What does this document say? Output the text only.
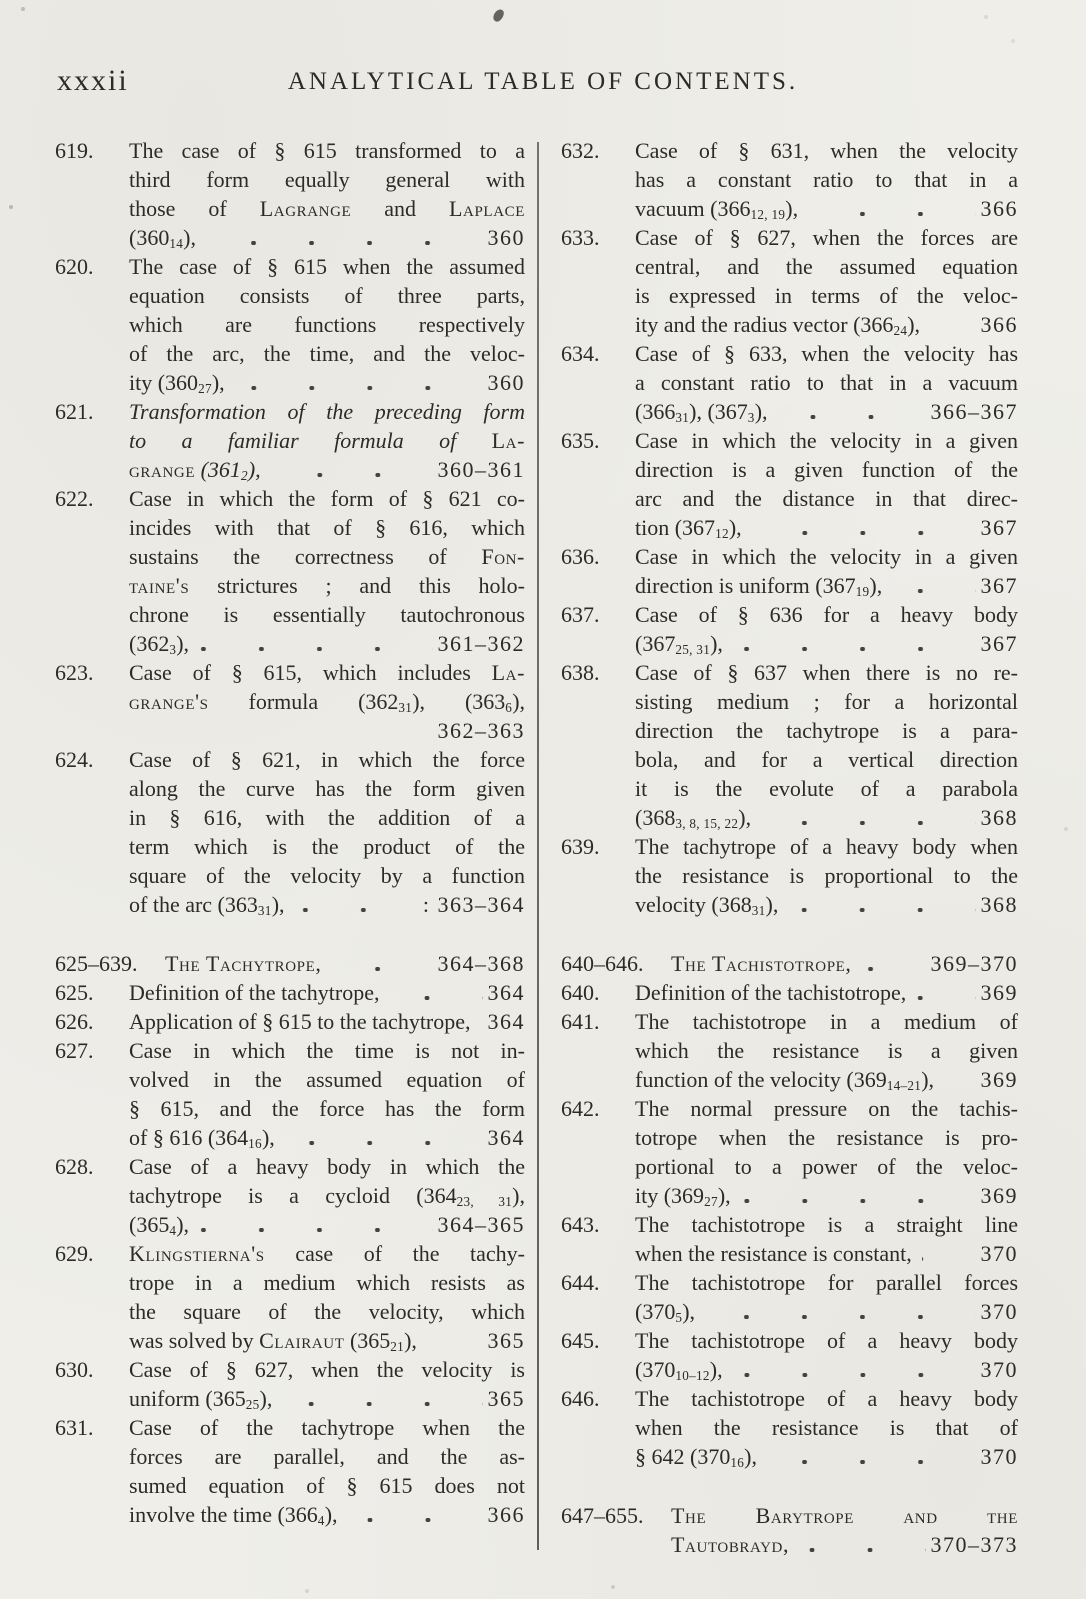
xxxii	ANALYTICAL TABLE OF CONTENTS.
619. The case of § 615 transformed to a
third form equally general with
those of Lagrange and Laplace
$(360_{14})$,	360
620. The case of § 615 when the assumed
equation consists of three parts,
which are functions respectively
of the arc, the time, and the veloc-
ity $(360_{27})$,	360
621. Transformation of the preceding form
to a familiar formula of La-
grange $(361_2)$,	360–361
622. Case in which the form of § 621 co-
incides with that of § 616, which
sustains the correctness of Fon-
taine's strictures ; and this holo-
chrone is essentially tautochronous
$(362_3)$,	361–362
623. Case of § 615, which includes La-
grange's formula $(362_{31})$, $(363_6)$,
362–363
624. Case of § 621, in which the force
along the curve has the form given
in § 616, with the addition of a
term which is the product of the
square of the velocity by a function
of the arc $(363_{31})$,	: 363–364
625–639. The Tachytrope,	364–368
625. Definition of the tachytrope,	364
626. Application of § 615 to the tachytrope, 364
627. Case in which the time is not in-
volved in the assumed equation of
§ 615, and the force has the form
of § 616 $(364_{16})$,	364
628. Case of a heavy body in which the
tachytrope is a cycloid $(364_{23, 31})$,
$(365_4)$,	364–365
629. Klingstierna's case of the tachy-
trope in a medium which resists as
the square of the velocity, which
was solved by Clairaut $(365_{21})$,	365
630. Case of § 627, when the velocity is
uniform $(365_{25})$,	365
631. Case of the tachytrope when the
forces are parallel, and the as-
sumed equation of § 615 does not
involve the time $(366_4)$,	366
632. Case of § 631, when the velocity
has a constant ratio to that in a
vacuum $(366_{12, 19})$,	366
633. Case of § 627, when the forces are
central, and the assumed equation
is expressed in terms of the veloc-
ity and the radius vector $(366_{24})$,	366
634. Case of § 633, when the velocity has
a constant ratio to that in a vacuum
$(366_{31})$, $(367_3)$,	366–367
635. Case in which the velocity in a given
direction is a given function of the
arc and the distance in that direc-
tion $(367_{12})$,	367
636. Case in which the velocity in a given
direction is uniform $(367_{19})$,	367
637. Case of § 636 for a heavy body
$(367_{25, 31})$,	367
638. Case of § 637 when there is no re-
sisting medium ; for a horizontal
direction the tachytrope is a para-
bola, and for a vertical direction
it is the evolute of a parabola
$(368_{3, 8, 15, 22})$,	368
639. The tachytrope of a heavy body when
the resistance is proportional to the
velocity $(368_{31})$,	368
640–646. The Tachistotrope,	369–370
640. Definition of the tachistotrope,	369
641. The tachistotrope in a medium of
which the resistance is a given
function of the velocity $(369_{14-21})$, 369
642. The normal pressure on the tachis-
totrope when the resistance is pro-
portional to a power of the veloc-
ity $(369_{27})$,	369
643. The tachistotrope is a straight line
when the resistance is constant,	370
644. The tachistotrope for parallel forces
$(370_5)$,	370
645. The tachistotrope of a heavy body
$(370_{10-12})$,	370
646. The tachistotrope of a heavy body
when the resistance is that of
§ 642 $(370_{16})$,	370
647–655. The Barytrope and the
Tautobrayd,	370–373
